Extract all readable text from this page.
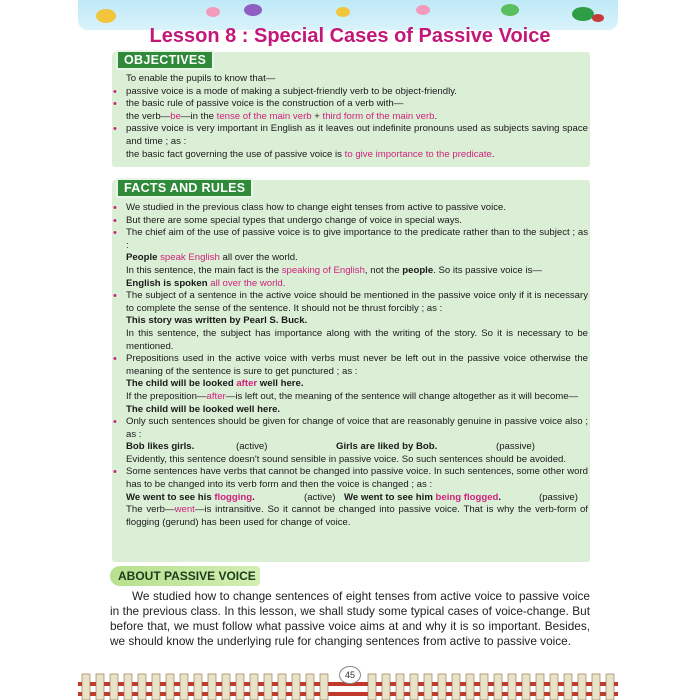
Lesson 8 : Special Cases of Passive Voice
OBJECTIVES

To enable the pupils to know that—

• passive voice is a mode of making a subject-friendly verb to be object-friendly.

• the basic rule of passive voice is the construction of a verb with—

the verb—be—in the tense of the main verb + third form of the main verb.

• passive voice is very important in English as it leaves out indefinite pronouns used as subjects saving space and time ; as :

the basic fact governing the use of passive voice is to give importance to the predicate.

FACTS AND RULES

• We studied in the previous class how to change eight tenses from active to passive voice.

• But there are some special types that undergo change of voice in special ways.

• The chief aim of the use of passive voice is to give importance to the predicate rather than to the subject ; as :

People speak English all over the world.

In this sentence, the main fact is the speaking of English, not the people. So its passive voice is—

English is spoken all over the world.

• The subject of a sentence in the active voice should be mentioned in the passive voice only if it is necessary to complete the sense of the sentence. It should not be thrust forcibly ; as :

This story was written by Pearl S. Buck.

In this sentence, the subject has importance along with the writing of the story. So it is necessary to be mentioned.

• Prepositions used in the active voice with verbs must never be left out in the passive voice otherwise the meaning of the sentence is sure to get punctured ; as :

The child will be looked after well here.

If the preposition—after—is left out, the meaning of the sentence will change altogether as it will become—

The child will be looked well here.

• Only such sentences should be given for change of voice that are reasonably genuine in passive voice also ; as :

Bob likes girls.	(active)	Girls are liked by Bob.	(passive)

Evidently, this sentence doesn't sound sensible in passive voice. So such sentences should be avoided.

• Some sentences have verbs that cannot be changed into passive voice. In such sentences, some other word has to be changed into its verb form and then the voice is changed ; as :

We went to see his flogging.	(active) We went to see him being flogged.	(passive)

The verb—went—is intransitive. So it cannot be changed into passive voice. That is why the verb-form of flogging (gerund) has been used for change of voice.

ABOUT PASSIVE VOICE
We studied how to change sentences of eight tenses from active voice to passive voice in the previous class. In this lesson, we shall study some typical cases of voice-change. But before that, we must follow what passive voice aims at and why it is so important. Besides, we should know the underlying rule for changing sentences from active to passive voice.
45
